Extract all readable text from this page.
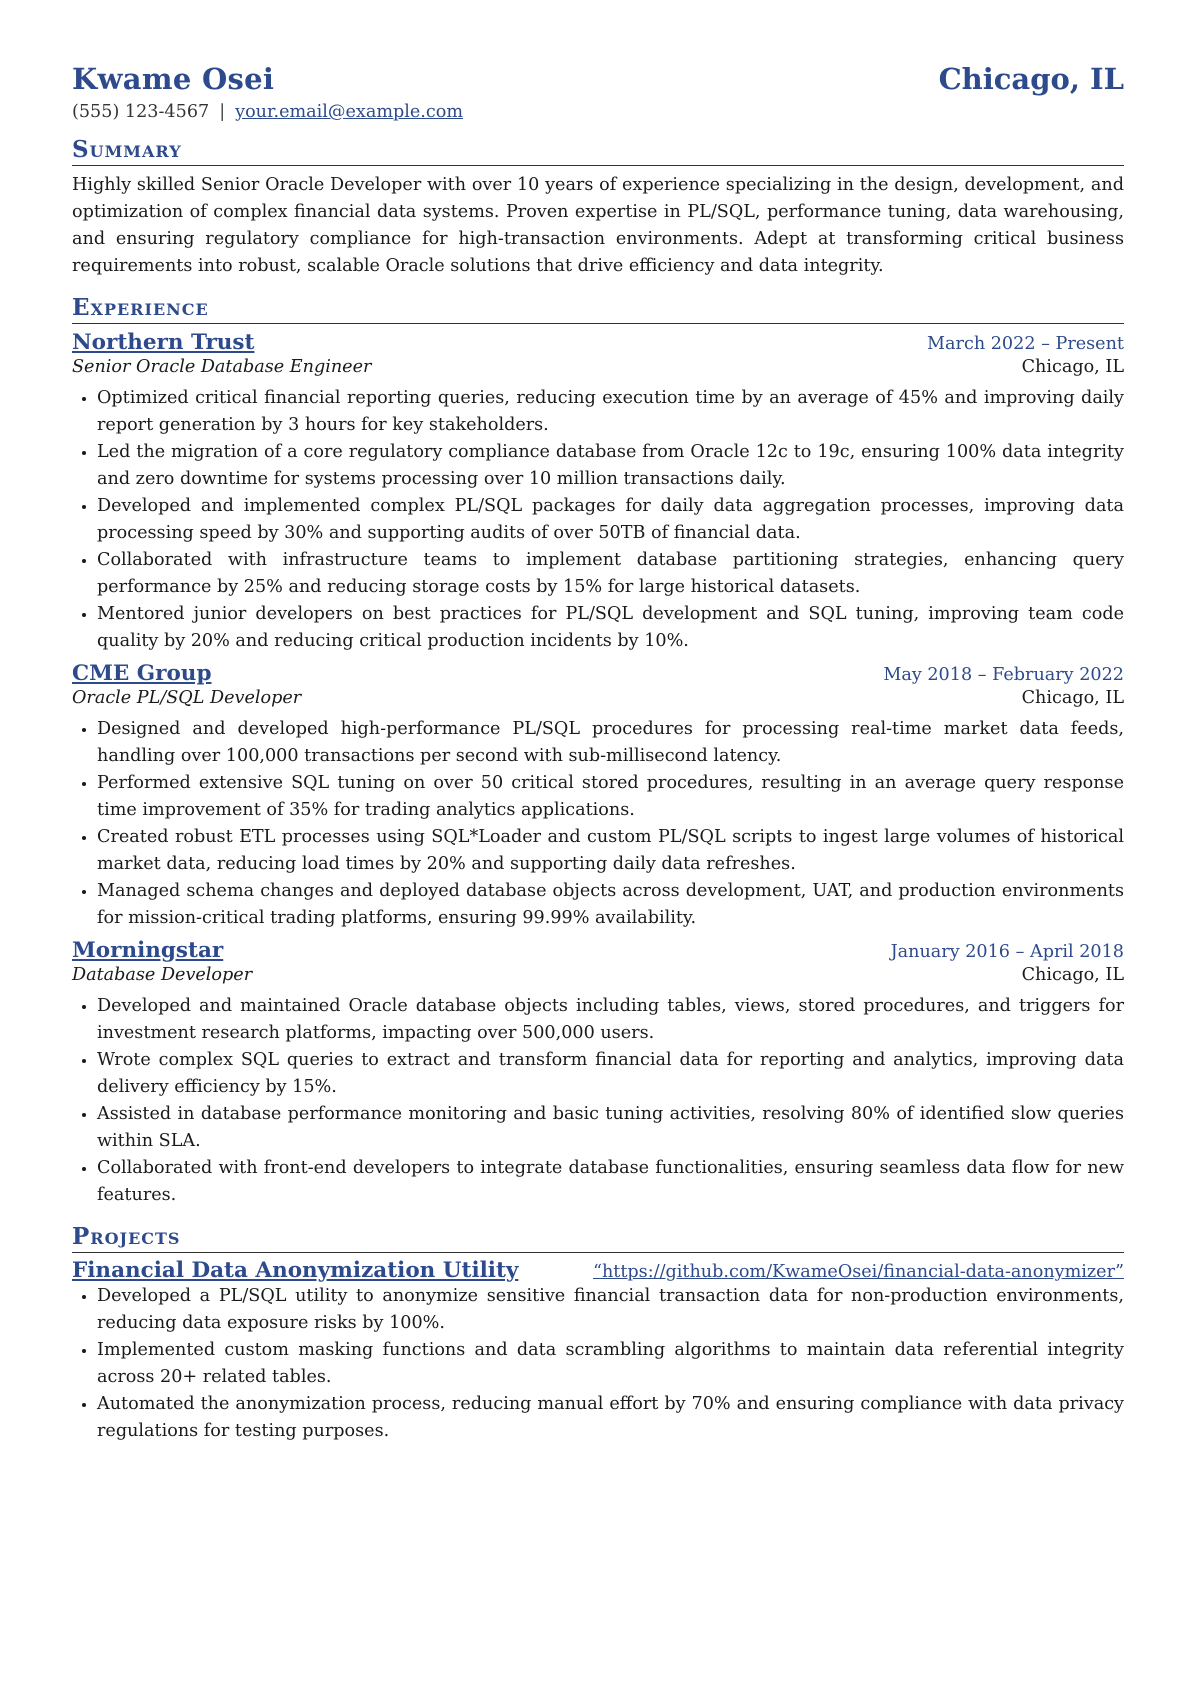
Kwame Osei	Chicago, IL
(555) 123-4567 | your.email@example.com
Summary
Highly skilled Senior Oracle Developer with over 10 years of experience specializing in the design, development, and optimization of complex financial data systems. Proven expertise in PL/SQL, performance tuning, data warehousing, and ensuring regulatory compliance for high-transaction environments. Adept at transforming critical business requirements into robust, scalable Oracle solutions that drive efficiency and data integrity.
Experience
Northern Trust	March 2022 – Present
Senior Oracle Database Engineer	Chicago, IL
• Optimized critical financial reporting queries, reducing execution time by an average of 45% and improving daily report generation by 3 hours for key stakeholders.
• Led the migration of a core regulatory compliance database from Oracle 12c to 19c, ensuring 100% data integrity and zero downtime for systems processing over 10 million transactions daily.
• Developed and implemented complex PL/SQL packages for daily data aggregation processes, improving data processing speed by 30% and supporting audits of over 50TB of financial data.
• Collaborated with infrastructure teams to implement database partitioning strategies, enhancing query performance by 25% and reducing storage costs by 15% for large historical datasets.
• Mentored junior developers on best practices for PL/SQL development and SQL tuning, improving team code quality by 20% and reducing critical production incidents by 10%.
CME Group	May 2018 – February 2022
Oracle PL/SQL Developer	Chicago, IL
• Designed and developed high-performance PL/SQL procedures for processing real-time market data feeds, handling over 100,000 transactions per second with sub-millisecond latency.
• Performed extensive SQL tuning on over 50 critical stored procedures, resulting in an average query response time improvement of 35% for trading analytics applications.
• Created robust ETL processes using SQL*Loader and custom PL/SQL scripts to ingest large volumes of historical market data, reducing load times by 20% and supporting daily data refreshes.
• Managed schema changes and deployed database objects across development, UAT, and production environments for mission-critical trading platforms, ensuring 99.99% availability.
Morningstar	January 2016 – April 2018
Database Developer	Chicago, IL
• Developed and maintained Oracle database objects including tables, views, stored procedures, and triggers for investment research platforms, impacting over 500,000 users.
• Wrote complex SQL queries to extract and transform financial data for reporting and analytics, improving data delivery efficiency by 15%.
• Assisted in database performance monitoring and basic tuning activities, resolving 80% of identified slow queries within SLA.
• Collaborated with front-end developers to integrate database functionalities, ensuring seamless data flow for new features.
Projects
Financial Data Anonymization Utility	“https://github.com/KwameOsei/financial-data-anonymizer”
• Developed a PL/SQL utility to anonymize sensitive financial transaction data for non-production environments, reducing data exposure risks by 100%.
• Implemented custom masking functions and data scrambling algorithms to maintain data referential integrity across 20+ related tables.
• Automated the anonymization process, reducing manual effort by 70% and ensuring compliance with data privacy regulations for testing purposes.
